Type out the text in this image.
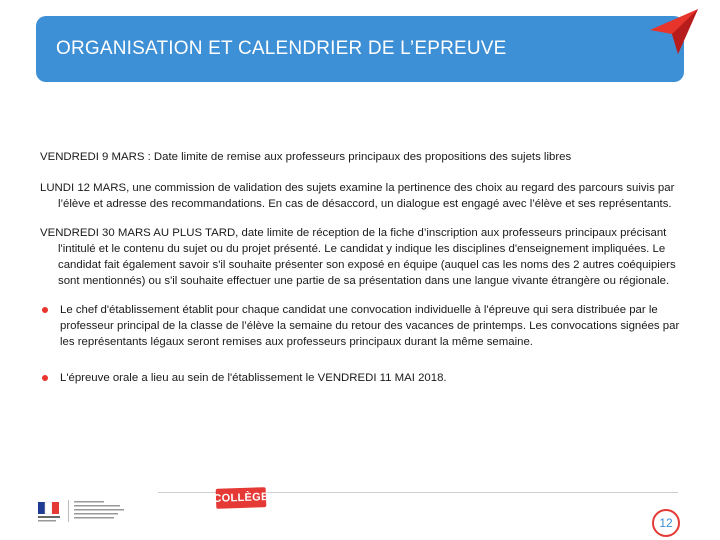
ORGANISATION ET CALENDRIER DE L’EPREUVE

VENDREDI 9 MARS : Date limite de remise aux professeurs principaux des propositions des sujets libres

LUNDI 12 MARS, une commission de validation des sujets examine la pertinence des choix au regard des parcours suivis par l’élève et adresse des recommandations. En cas de désaccord, un dialogue est engagé avec l’élève et ses représentants.

VENDREDI 30 MARS AU PLUS TARD, date limite de réception de la fiche d’inscription aux professeurs principaux précisant l'intitulé et le contenu du sujet ou du projet présenté. Le candidat y indique les disciplines d'enseignement impliquées. Le candidat fait également savoir s'il souhaite présenter son exposé en équipe (auquel cas les noms des 2 autres coéquipiers sont mentionnés) ou s'il souhaite effectuer une partie de sa présentation dans une langue vivante étrangère ou régionale.

Le chef d'établissement établit pour chaque candidat une convocation individuelle à l'épreuve qui sera distribuée par le professeur principal de la classe de l’élève la semaine du retour des vacances de printemps. Les convocations signées par les représentants légaux seront remises aux professeurs principaux durant la même semaine.
L'épreuve orale a lieu au sein de l'établissement le VENDREDI 11 MAI 2018.
COLLÈGE
12
